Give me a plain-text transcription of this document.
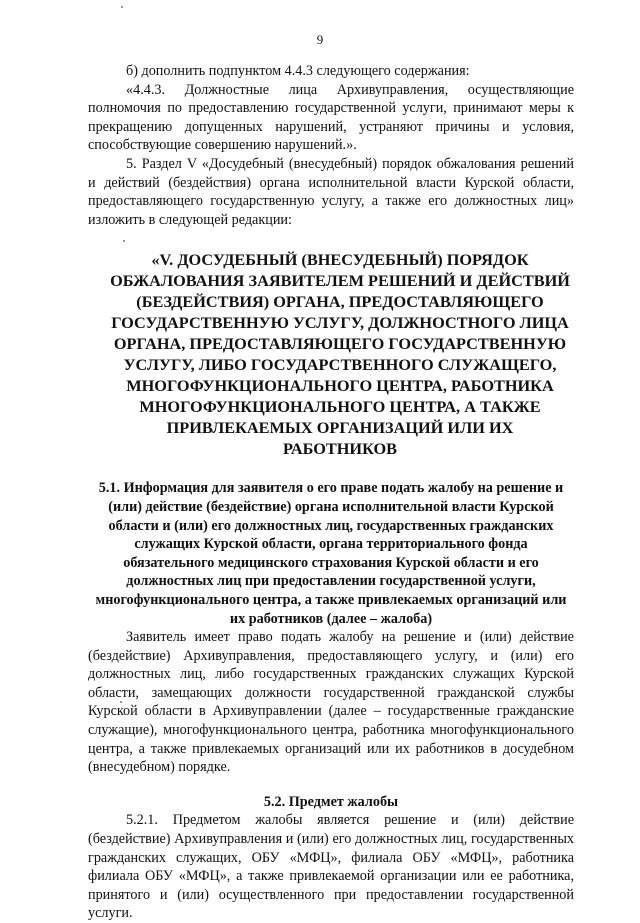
9

б) дополнить подпунктом 4.4.3 следующего содержания:

«4.4.3. Должностные лица Архивуправления, осуществляющие полномочия по предоставлению государственной услуги, принимают меры к прекращению допущенных нарушений, устраняют причины и условия, способствующие совершению нарушений.».

5. Раздел V «Досудебный (внесудебный) порядок обжалования решений и действий (бездействия) органа исполнительной власти Курской области, предоставляющего государственную услугу, а также его должностных лиц» изложить в следующей редакции:

«V. ДОСУДЕБНЫЙ (ВНЕСУДЕБНЫЙ) ПОРЯДОК ОБЖАЛОВАНИЯ ЗАЯВИТЕЛЕМ РЕШЕНИЙ И ДЕЙСТВИЙ (БЕЗДЕЙСТВИЯ) ОРГАНА, ПРЕДОСТАВЛЯЮЩЕГО ГОСУДАРСТВЕННУЮ УСЛУГУ, ДОЛЖНОСТНОГО ЛИЦА ОРГАНА, ПРЕДОСТАВЛЯЮЩЕГО ГОСУДАРСТВЕННУЮ УСЛУГУ, ЛИБО ГОСУДАРСТВЕННОГО СЛУЖАЩЕГО, МНОГОФУНКЦИОНАЛЬНОГО ЦЕНТРА, РАБОТНИКА МНОГОФУНКЦИОНАЛЬНОГО ЦЕНТРА, А ТАКЖЕ ПРИВЛЕКАЕМЫХ ОРГАНИЗАЦИЙ ИЛИ ИХ РАБОТНИКОВ
5.1. Информация для заявителя о его праве подать жалобу на решение и (или) действие (бездействие) органа исполнительной власти Курской области и (или) его должностных лиц, государственных гражданских служащих Курской области, органа территориального фонда обязательного медицинского страхования Курской области и его должностных лиц при предоставлении государственной услуги, многофункционального центра, а также привлекаемых организаций или их работников (далее – жалоба)

Заявитель имеет право подать жалобу на решение и (или) действие (бездействие) Архивуправления, предоставляющего услугу, и (или) его должностных лиц, либо государственных гражданских служащих Курской области, замещающих должности государственной гражданской службы Курской области в Архивуправлении (далее – государственные гражданские служащие), многофункционального центра, работника многофункционального центра, а также привлекаемых организаций или их работников в досудебном (внесудебном) порядке.

5.2. Предмет жалобы

5.2.1. Предметом жалобы является решение и (или) действие (бездействие) Архивуправления и (или) его должностных лиц, государственных гражданских служащих, ОБУ «МФЦ», филиала ОБУ «МФЦ», работника филиала ОБУ «МФЦ», а также привлекаемой организации или ее работника, принятого и (или) осуществленного при предоставлении государственной услуги.
